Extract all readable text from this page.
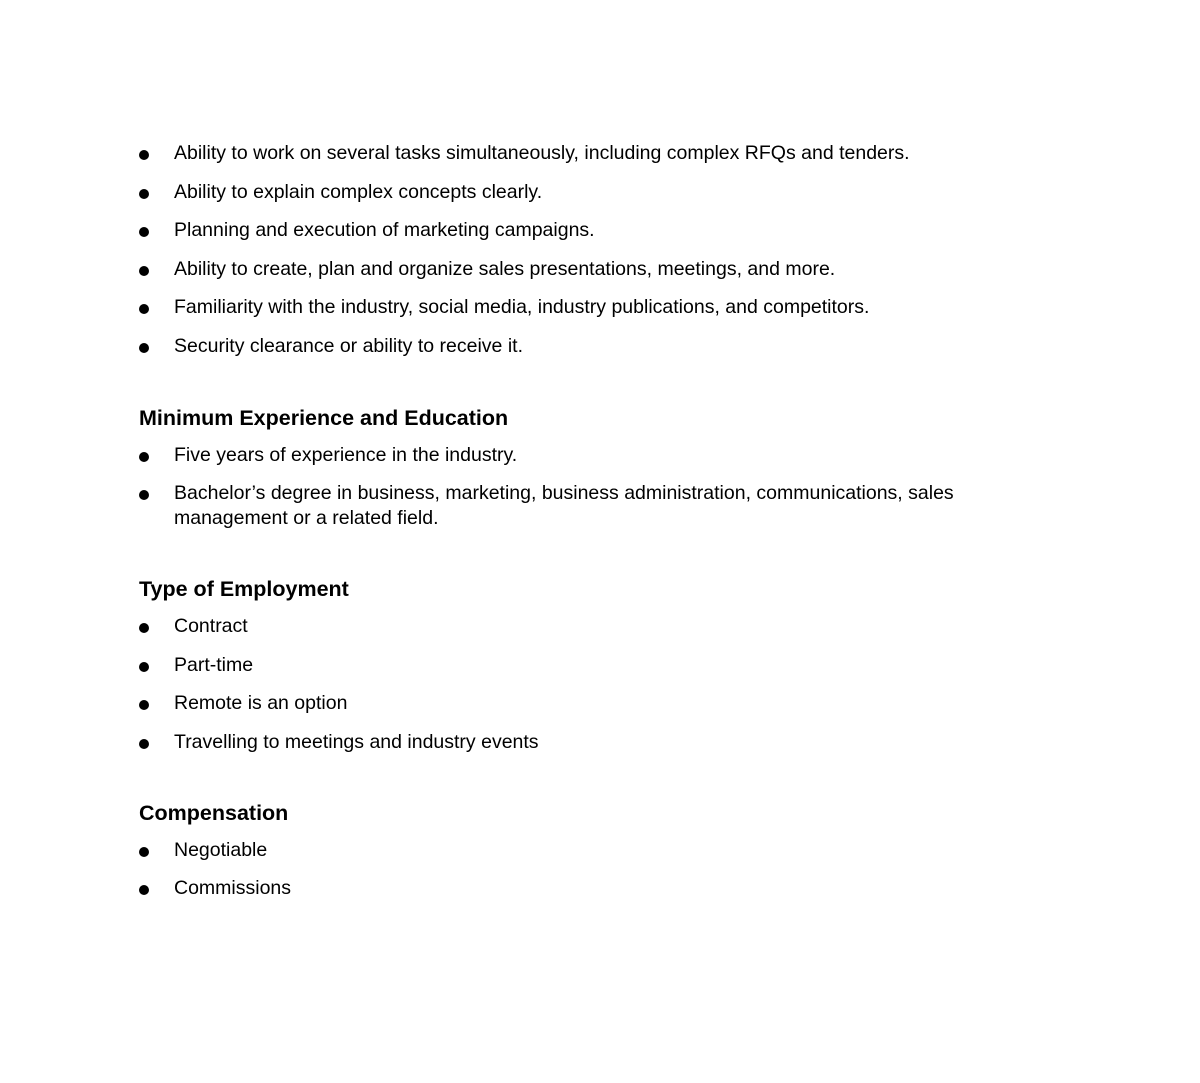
Ability to work on several tasks simultaneously, including complex RFQs and tenders.
Ability to explain complex concepts clearly.
Planning and execution of marketing campaigns.
Ability to create, plan and organize sales presentations, meetings, and more.
Familiarity with the industry, social media, industry publications, and competitors.
Security clearance or ability to receive it.
Minimum Experience and Education
Five years of experience in the industry.
Bachelor’s degree in business, marketing, business administration, communications, sales management or a related field.
Type of Employment
Contract
Part-time
Remote is an option
Travelling to meetings and industry events
Compensation
Negotiable
Commissions
